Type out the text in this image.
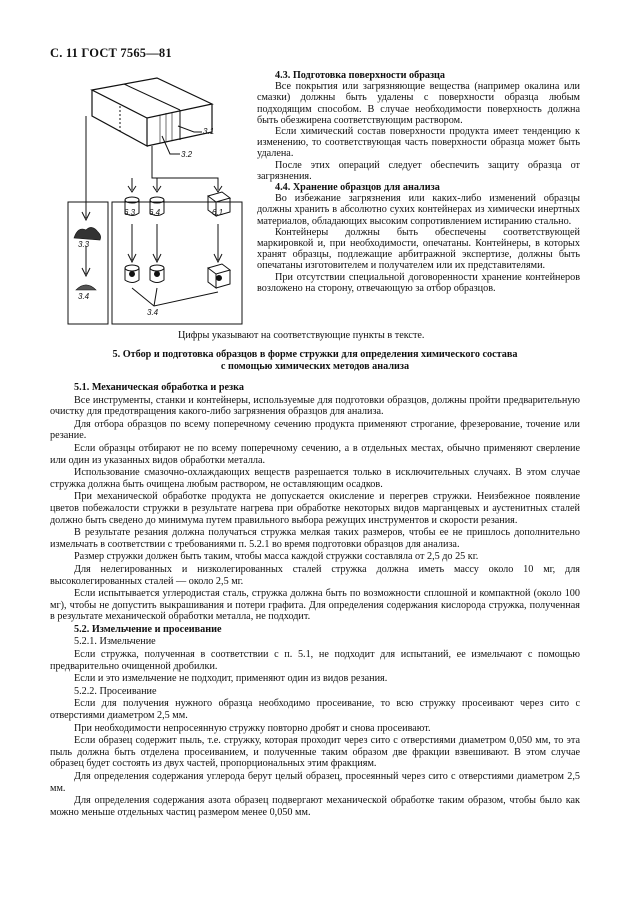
С. 11 ГОСТ 7565—81
3.1
3.2
3.3
3.4
6.3 6.4	6.1
3.4

4.3. Подготовка поверхности образца

Все покрытия или загрязняющие вещества (например окалина или смазки) должны быть удалены с поверхности образца любым подходящим способом. В случае необходимости поверхность должна быть обезжирена соответствующим раствором.

Если химический состав поверхности продукта имеет тенденцию к изменению, то соответствующая часть поверхности образца может быть удалена.

После этих операций следует обеспечить защиту образца от загрязнения.

4.4. Хранение образцов для анализа

Во избежание загрязнения или каких-либо изменений образцы должны хранить в абсолютно сухих контейнерах из химически инертных материалов, обладающих высоким сопротивлением истиранию стально.

Контейнеры должны быть обеспечены соответствующей маркировкой и, при необходимости, опечатаны. Контейнеры, в которых хранят образцы, подлежащие арбитражной экспертизе, должны быть опечатаны изготовителем и получателем или их представителями.

При отсутствии специальной договоренности хранение контейнеров возложено на сторону, отвечающую за отбор образцов.

Цифры указывают на соответствующие пункты в тексте.
5. Отбор и подготовка образцов в форме стружки для определения химического состава
с помощью химических методов анализа

5.1. Механическая обработка и резка

Все инструменты, станки и контейнеры, используемые для подготовки образцов, должны пройти предварительную очистку для предотвращения какого-либо загрязнения образцов для анализа.

Для отбора образцов по всему поперечному сечению продукта применяют строгание, фрезерование, точение или резание.

Если образцы отбирают не по всему поперечному сечению, а в отдельных местах, обычно применяют сверление или один из указанных видов обработки металла.

Использование смазочно-охлаждающих веществ разрешается только в исключительных случаях. В этом случае стружка должна быть очищена любым раствором, не оставляющим осадков.

При механической обработке продукта не допускается окисление и перегрев стружки. Неизбежное появление цветов побежалости стружки в результате нагрева при обработке некоторых видов марганцевых и аустенитных сталей должно быть сведено до минимума путем правильного выбора режущих инструментов и скорости резания.

В результате резания должна получаться стружка мелкая таких размеров, чтобы ее не пришлось дополнительно измельчать в соответствии с требованиями п. 5.2.1 во время подготовки образцов для анализа.

Размер стружки должен быть таким, чтобы масса каждой стружки составляла от 2,5 до 25 кг.

Для нелегированных и низколегированных сталей стружка должна иметь массу около 10 мг, для высоколегированных сталей — около 2,5 мг.

Если испытывается углеродистая сталь, стружка должна быть по возможности сплошной и компактной (около 100 мг), чтобы не допустить выкрашивания и потери графита. Для определения содержания кислорода стружка, полученная в результате механической обработки металла, не подходит.

5.2. Измельчение и просеивание

5.2.1. Измельчение

Если стружка, полученная в соответствии с п. 5.1, не подходит для испытаний, ее измельчают с помощью предварительно очищенной дробилки.

Если и это измельчение не подходит, применяют один из видов резания.

5.2.2. Просеивание

Если для получения нужного образца необходимо просеивание, то всю стружку просеивают через сито с отверстиями диаметром 2,5 мм.

При необходимости непросеянную стружку повторно дробят и снова просеивают.

Если образец содержит пыль, т.е. стружку, которая проходит через сито с отверстиями диаметром 0,050 мм, то эта пыль должна быть отделена просеиванием, и полученные таким образом две фракции взвешивают. В этом случае образец будет состоять из двух частей, пропорциональных этим фракциям.

Для определения содержания углерода берут целый образец, просеянный через сито с отверстиями диаметром 2,5 мм.

Для определения содержания азота образец подвергают механической обработке таким образом, чтобы было как можно меньше отдельных частиц размером менее 0,050 мм.
